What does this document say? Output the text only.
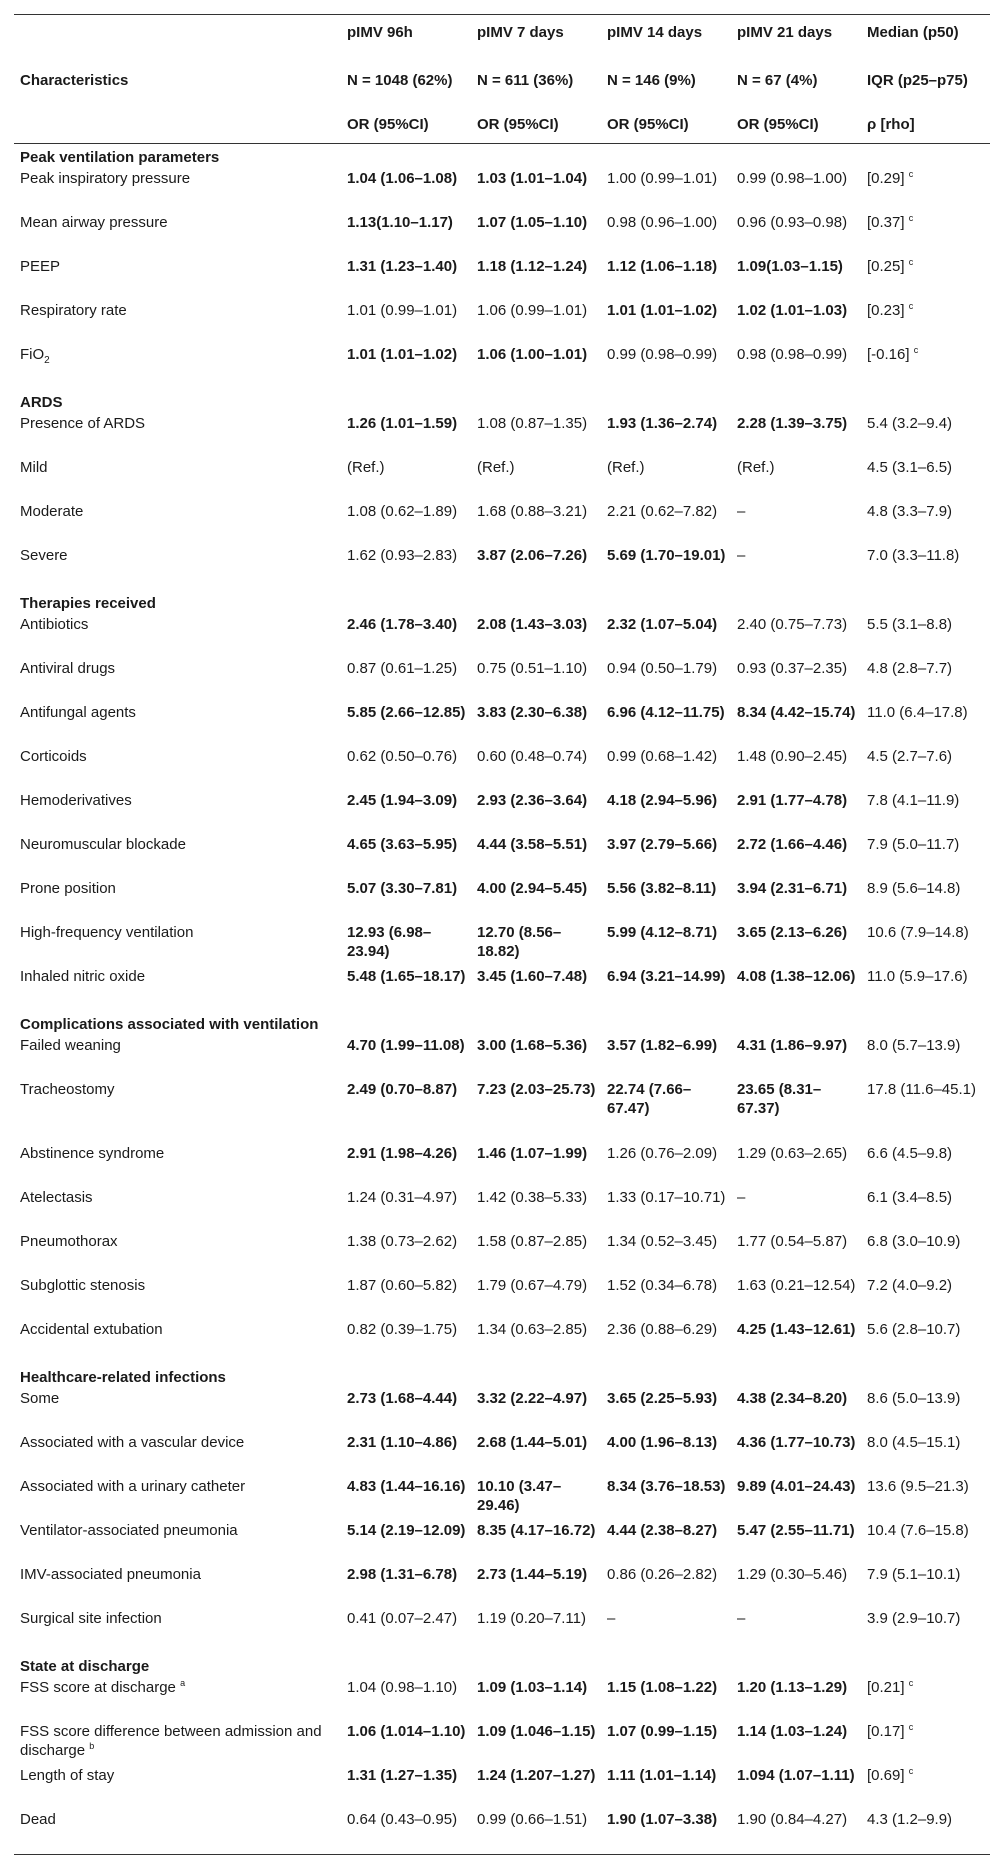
	pIMV 96h	pIMV 7 days	pIMV 14 days	pIMV 21 days	Median (p50)
Characteristics	N = 1048 (62%)	N = 611 (36%)	N = 146 (9%)	N = 67 (4%)	IQR (p25–p75)
	OR (95%CI)	OR (95%CI)	OR (95%CI)	OR (95%CI)	ρ [rho]
Peak ventilation parameters					
Peak inspiratory pressure	1.04 (1.06–1.08)	1.03 (1.01–1.04)	1.00 (0.99–1.01)	0.99 (0.98–1.00)	[0.29] $^c$

Mean airway pressure	1.13(1.10–1.17)	1.07 (1.05–1.10)	0.98 (0.96–1.00)	0.96 (0.93–0.98)	[0.37] $^c$

PEEP	1.31 (1.23–1.40)	1.18 (1.12–1.24)	1.12 (1.06–1.18)	1.09(1.03–1.15)	[0.25] $^c$

Respiratory rate	1.01 (0.99–1.01)	1.06 (0.99–1.01)	1.01 (1.01–1.02)	1.02 (1.01–1.03)	[0.23] $^c$

FiO$_2$	1.01 (1.01–1.02)	1.06 (1.00–1.01)	0.99 (0.98–0.99)	0.98 (0.98–0.99)	[-0.16] $^c$

ARDS					
Presence of ARDS	1.26 (1.01–1.59)	1.08 (0.87–1.35)	1.93 (1.36–2.74)	2.28 (1.39–3.75)	5.4 (3.2–9.4)

Mild	(Ref.)	(Ref.)	(Ref.)	(Ref.)	4.5 (3.1–6.5)

Moderate	1.08 (0.62–1.89)	1.68 (0.88–3.21)	2.21 (0.62–7.82)	–	4.8 (3.3–7.9)

Severe	1.62 (0.93–2.83)	3.87 (2.06–7.26)	5.69 (1.70–19.01)	–	7.0 (3.3–11.8)

Therapies received					
Antibiotics	2.46 (1.78–3.40)	2.08 (1.43–3.03)	2.32 (1.07–5.04)	2.40 (0.75–7.73)	5.5 (3.1–8.8)

Antiviral drugs	0.87 (0.61–1.25)	0.75 (0.51–1.10)	0.94 (0.50–1.79)	0.93 (0.37–2.35)	4.8 (2.8–7.7)

Antifungal agents	5.85 (2.66–12.85)	3.83 (2.30–6.38)	6.96 (4.12–11.75)	8.34 (4.42–15.74)	11.0 (6.4–17.8)

Corticoids	0.62 (0.50–0.76)	0.60 (0.48–0.74)	0.99 (0.68–1.42)	1.48 (0.90–2.45)	4.5 (2.7–7.6)

Hemoderivatives	2.45 (1.94–3.09)	2.93 (2.36–3.64)	4.18 (2.94–5.96)	2.91 (1.77–4.78)	7.8 (4.1–11.9)

Neuromuscular blockade	4.65 (3.63–5.95)	4.44 (3.58–5.51)	3.97 (2.79–5.66)	2.72 (1.66–4.46)	7.9 (5.0–11.7)

Prone position	5.07 (3.30–7.81)	4.00 (2.94–5.45)	5.56 (3.82–8.11)	3.94 (2.31–6.71)	8.9 (5.6–14.8)

High-frequency ventilation	12.93 (6.98–23.94)	12.70 (8.56–18.82)	5.99 (4.12–8.71)	3.65 (2.13–6.26)	10.6 (7.9–14.8)

Inhaled nitric oxide	5.48 (1.65–18.17)	3.45 (1.60–7.48)	6.94 (3.21–14.99)	4.08 (1.38–12.06)	11.0 (5.9–17.6)

Complications associated with ventilation					
Failed weaning	4.70 (1.99–11.08)	3.00 (1.68–5.36)	3.57 (1.82–6.99)	4.31 (1.86–9.97)	8.0 (5.7–13.9)

Tracheostomy	2.49 (0.70–8.87)	7.23 (2.03–25.73)	22.74 (7.66–67.47)	23.65 (8.31–67.37)	17.8 (11.6–45.1)

Abstinence syndrome	2.91 (1.98–4.26)	1.46 (1.07–1.99)	1.26 (0.76–2.09)	1.29 (0.63–2.65)	6.6 (4.5–9.8)

Atelectasis	1.24 (0.31–4.97)	1.42 (0.38–5.33)	1.33 (0.17–10.71)	–	6.1 (3.4–8.5)

Pneumothorax	1.38 (0.73–2.62)	1.58 (0.87–2.85)	1.34 (0.52–3.45)	1.77 (0.54–5.87)	6.8 (3.0–10.9)

Subglottic stenosis	1.87 (0.60–5.82)	1.79 (0.67–4.79)	1.52 (0.34–6.78)	1.63 (0.21–12.54)	7.2 (4.0–9.2)

Accidental extubation	0.82 (0.39–1.75)	1.34 (0.63–2.85)	2.36 (0.88–6.29)	4.25 (1.43–12.61)	5.6 (2.8–10.7)

Healthcare-related infections					
Some	2.73 (1.68–4.44)	3.32 (2.22–4.97)	3.65 (2.25–5.93)	4.38 (2.34–8.20)	8.6 (5.0–13.9)

Associated with a vascular device	2.31 (1.10–4.86)	2.68 (1.44–5.01)	4.00 (1.96–8.13)	4.36 (1.77–10.73)	8.0 (4.5–15.1)

Associated with a urinary catheter	4.83 (1.44–16.16)	10.10 (3.47–29.46)	8.34 (3.76–18.53)	9.89 (4.01–24.43)	13.6 (9.5–21.3)

Ventilator-associated pneumonia	5.14 (2.19–12.09)	8.35 (4.17–16.72)	4.44 (2.38–8.27)	5.47 (2.55–11.71)	10.4 (7.6–15.8)

IMV-associated pneumonia	2.98 (1.31–6.78)	2.73 (1.44–5.19)	0.86 (0.26–2.82)	1.29 (0.30–5.46)	7.9 (5.1–10.1)

Surgical site infection	0.41 (0.07–2.47)	1.19 (0.20–7.11)	–	–	3.9 (2.9–10.7)

State at discharge					
FSS score at discharge $^a$	1.04 (0.98–1.10)	1.09 (1.03–1.14)	1.15 (1.08–1.22)	1.20 (1.13–1.29)	[0.21] $^c$

FSS score difference between admission and discharge $^b$	1.06 (1.014–1.10)	1.09 (1.046–1.15)	1.07 (0.99–1.15)	1.14 (1.03–1.24)	[0.17] $^c$

Length of stay	1.31 (1.27–1.35)	1.24 (1.207–1.27)	1.11 (1.01–1.14)	1.094 (1.07–1.11)	[0.69] $^c$

Dead	0.64 (0.43–0.95)	0.99 (0.66–1.51)	1.90 (1.07–3.38)	1.90 (0.84–4.27)	4.3 (1.2–9.9)
